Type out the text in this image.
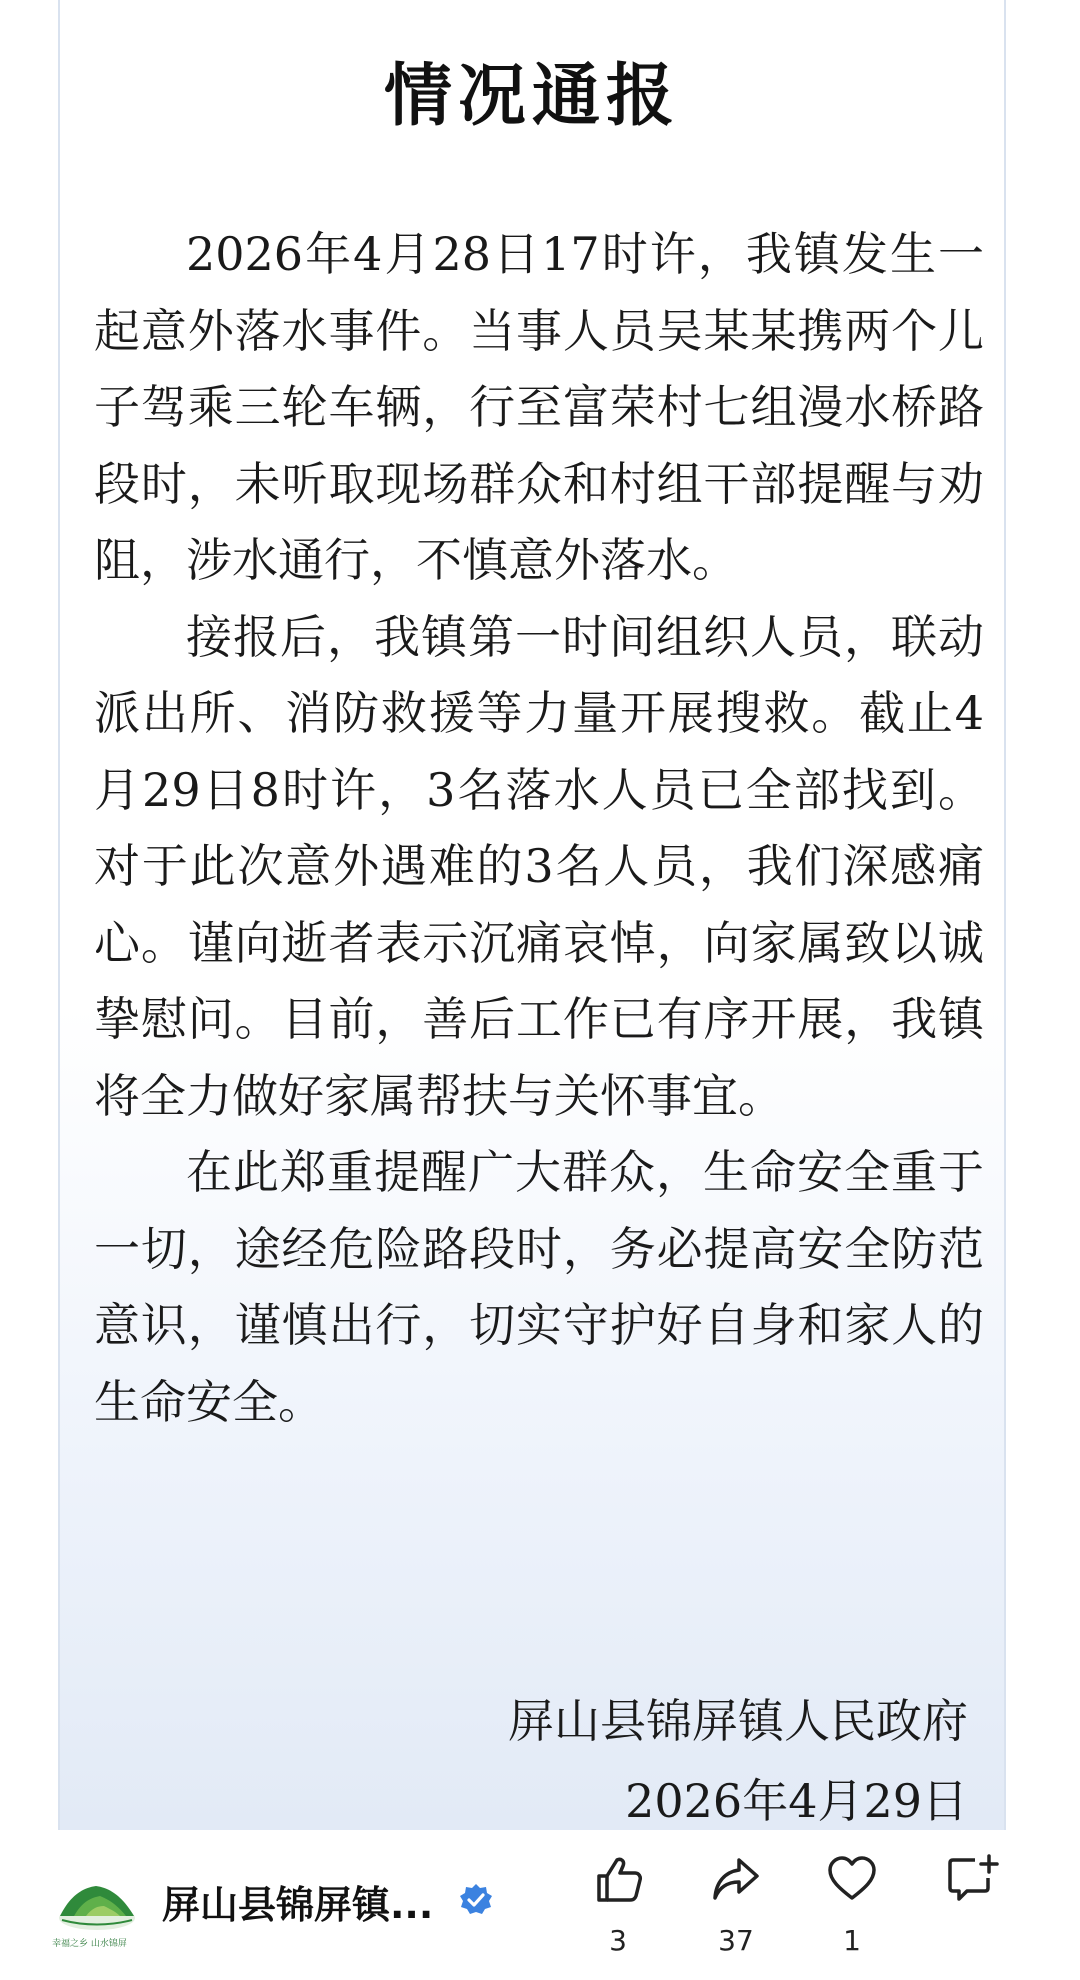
情况通报

2026年4月28日17时许，我镇发生一起意外落水事件。当事人员吴某某携两个儿子驾乘三轮车辆，行至富荣村七组漫水桥路段时，未听取现场群众和村组干部提醒与劝阻，涉水通行，不慎意外落水。

接报后，我镇第一时间组织人员，联动派出所、消防救援等力量开展搜救。截止4月29日8时许，3名落水人员已全部找到。对于此次意外遇难的3名人员，我们深感痛心。谨向逝者表示沉痛哀悼，向家属致以诚挚慰问。目前，善后工作已有序开展，我镇将全力做好家属帮扶与关怀事宜。

在此郑重提醒广大群众，生命安全重于一切，途经危险路段时，务必提高安全防范意识，谨慎出行，切实守护好自身和家人的生命安全。

屏山县锦屏镇人民政府
2026年4月29日
幸福之乡 山水锦屏
屏山县锦屏镇...
3	37	1
